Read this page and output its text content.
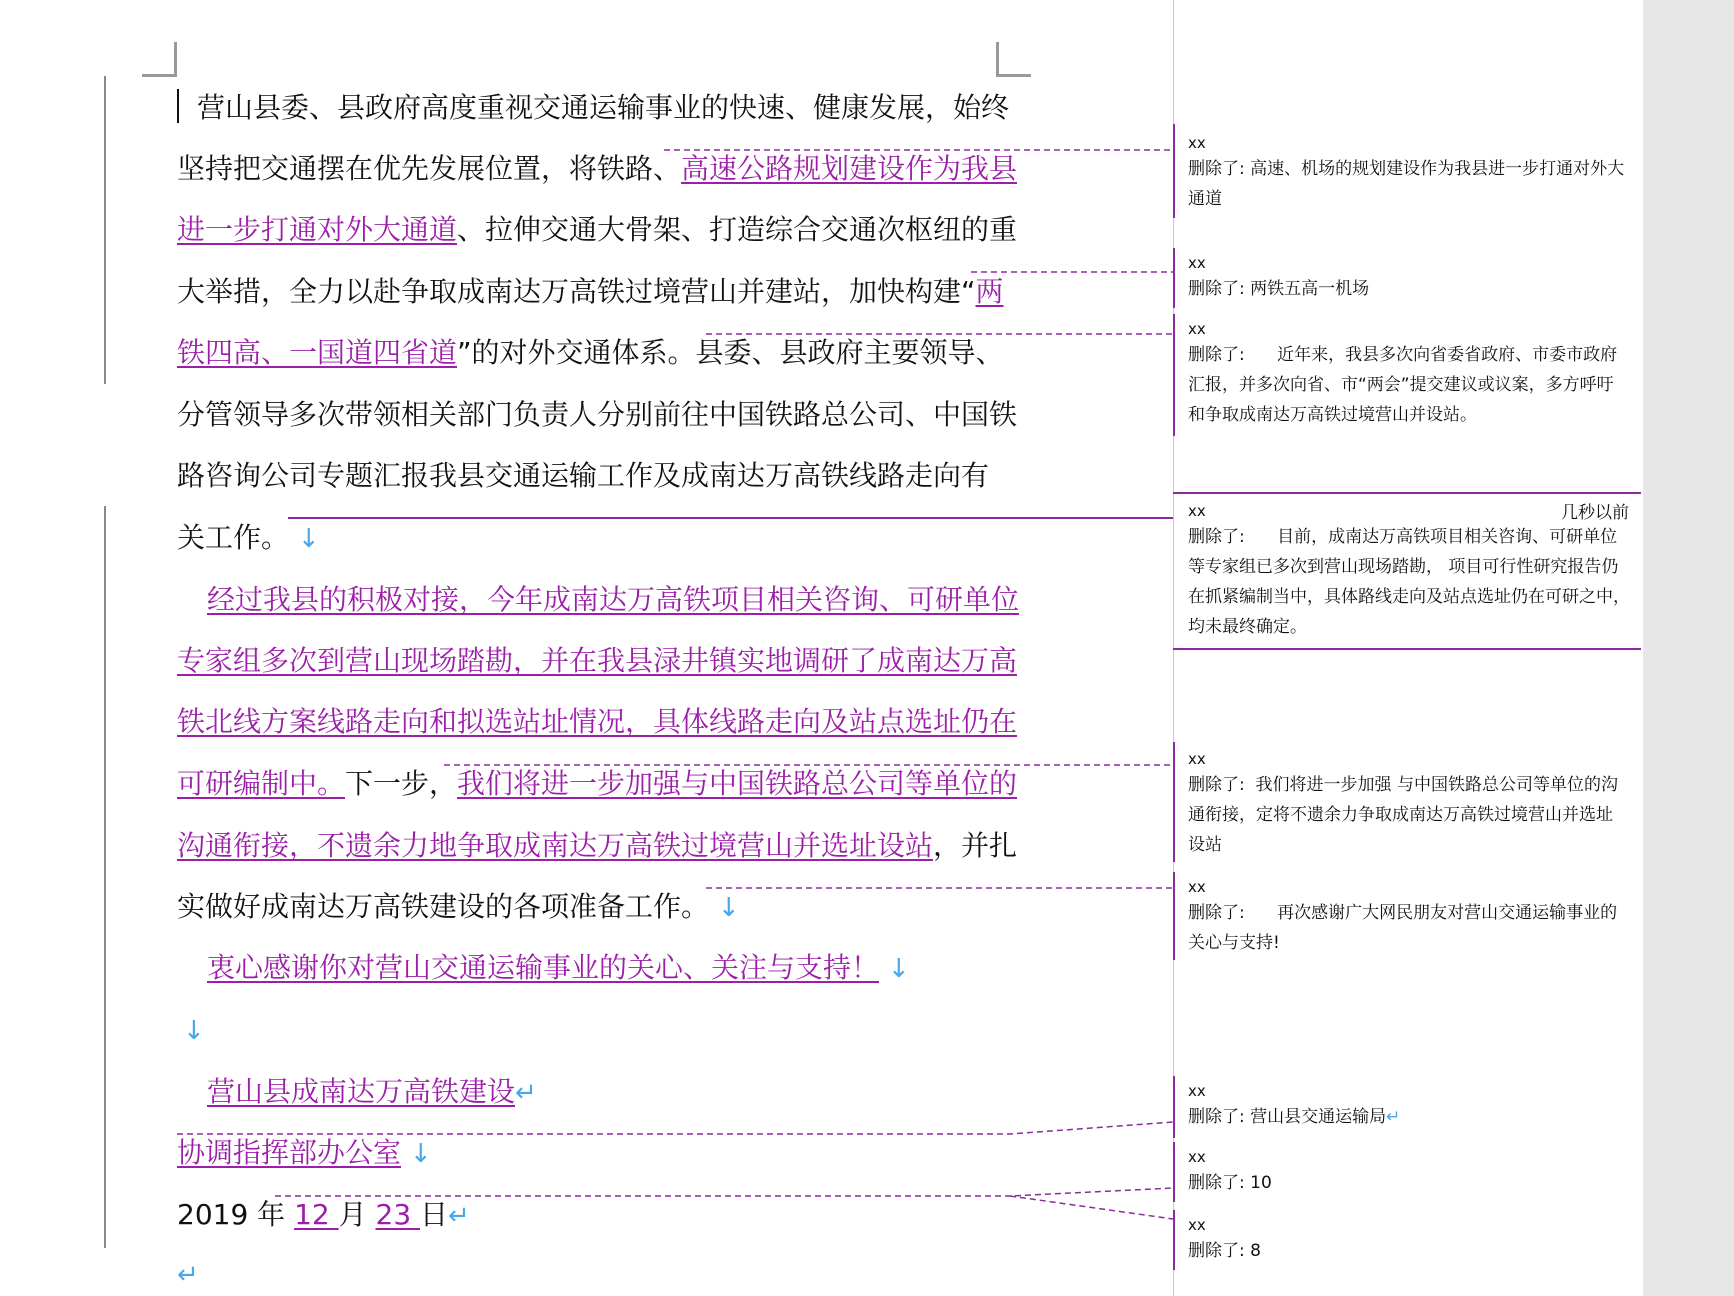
营山县委、县政府高度重视交通运输事业的快速、健康发展，始终
坚持把交通摆在优先发展位置，将铁路、高速公路规划建设作为我县
进一步打通对外大通道、拉伸交通大骨架、打造综合交通次枢纽的重
大举措，全力以赴争取成南达万高铁过境营山并建站，加快构建“两
铁四高、一国道四省道”的对外交通体系。县委、县政府主要领导、
分管领导多次带领相关部门负责人分别前往中国铁路总公司、中国铁
路咨询公司专题汇报我县交通运输工作及成南达万高铁线路走向有
关工作。 ↓
经过我县的积极对接，今年成南达万高铁项目相关咨询、可研单位
专家组多次到营山现场踏勘，并在我县渌井镇实地调研了成南达万高
铁北线方案线路走向和拟选站址情况，具体线路走向及站点选址仍在
可研编制中。下一步，我们将进一步加强与中国铁路总公司等单位的
沟通衔接，不遗余力地争取成南达万高铁过境营山并选址设站，并扎
实做好成南达万高铁建设的各项准备工作。 ↓
衷心感谢你对营山交通运输事业的关心、关注与支持！ ↓
↓
营山县成南达万高铁建设↵
协调指挥部办公室 ↓
2019 年 12 月 23 日↵
↵
xx
删除了: 高速、机场的规划建设作为我县进一步打通对外大通道
xx
删除了: 两铁五高一机场
xx
删除了: 近年来，我县多次向省委省政府、市委市政府汇报，并多次向省、市“两会”提交建议或议案，多方呼吁和争取成南达万高铁过境营山并设站。
xx	几秒以前
删除了: 目前，成南达万高铁项目相关咨询、可研单位等专家组已多次到营山现场踏勘， 项目可行性研究报告仍在抓紧编制当中，具体路线走向及站点选址仍在可研之中，均未最终确定。
xx
删除了: 我们将进一步加强 与中国铁路总公司等单位的沟通衔接，定将不遗余力争取成南达万高铁过境营山并选址设站
xx
删除了: 再次感谢广大网民朋友对营山交通运输事业的关心与支持!
xx
删除了: 营山县交通运输局↵
xx
删除了: 10
xx
删除了: 8
